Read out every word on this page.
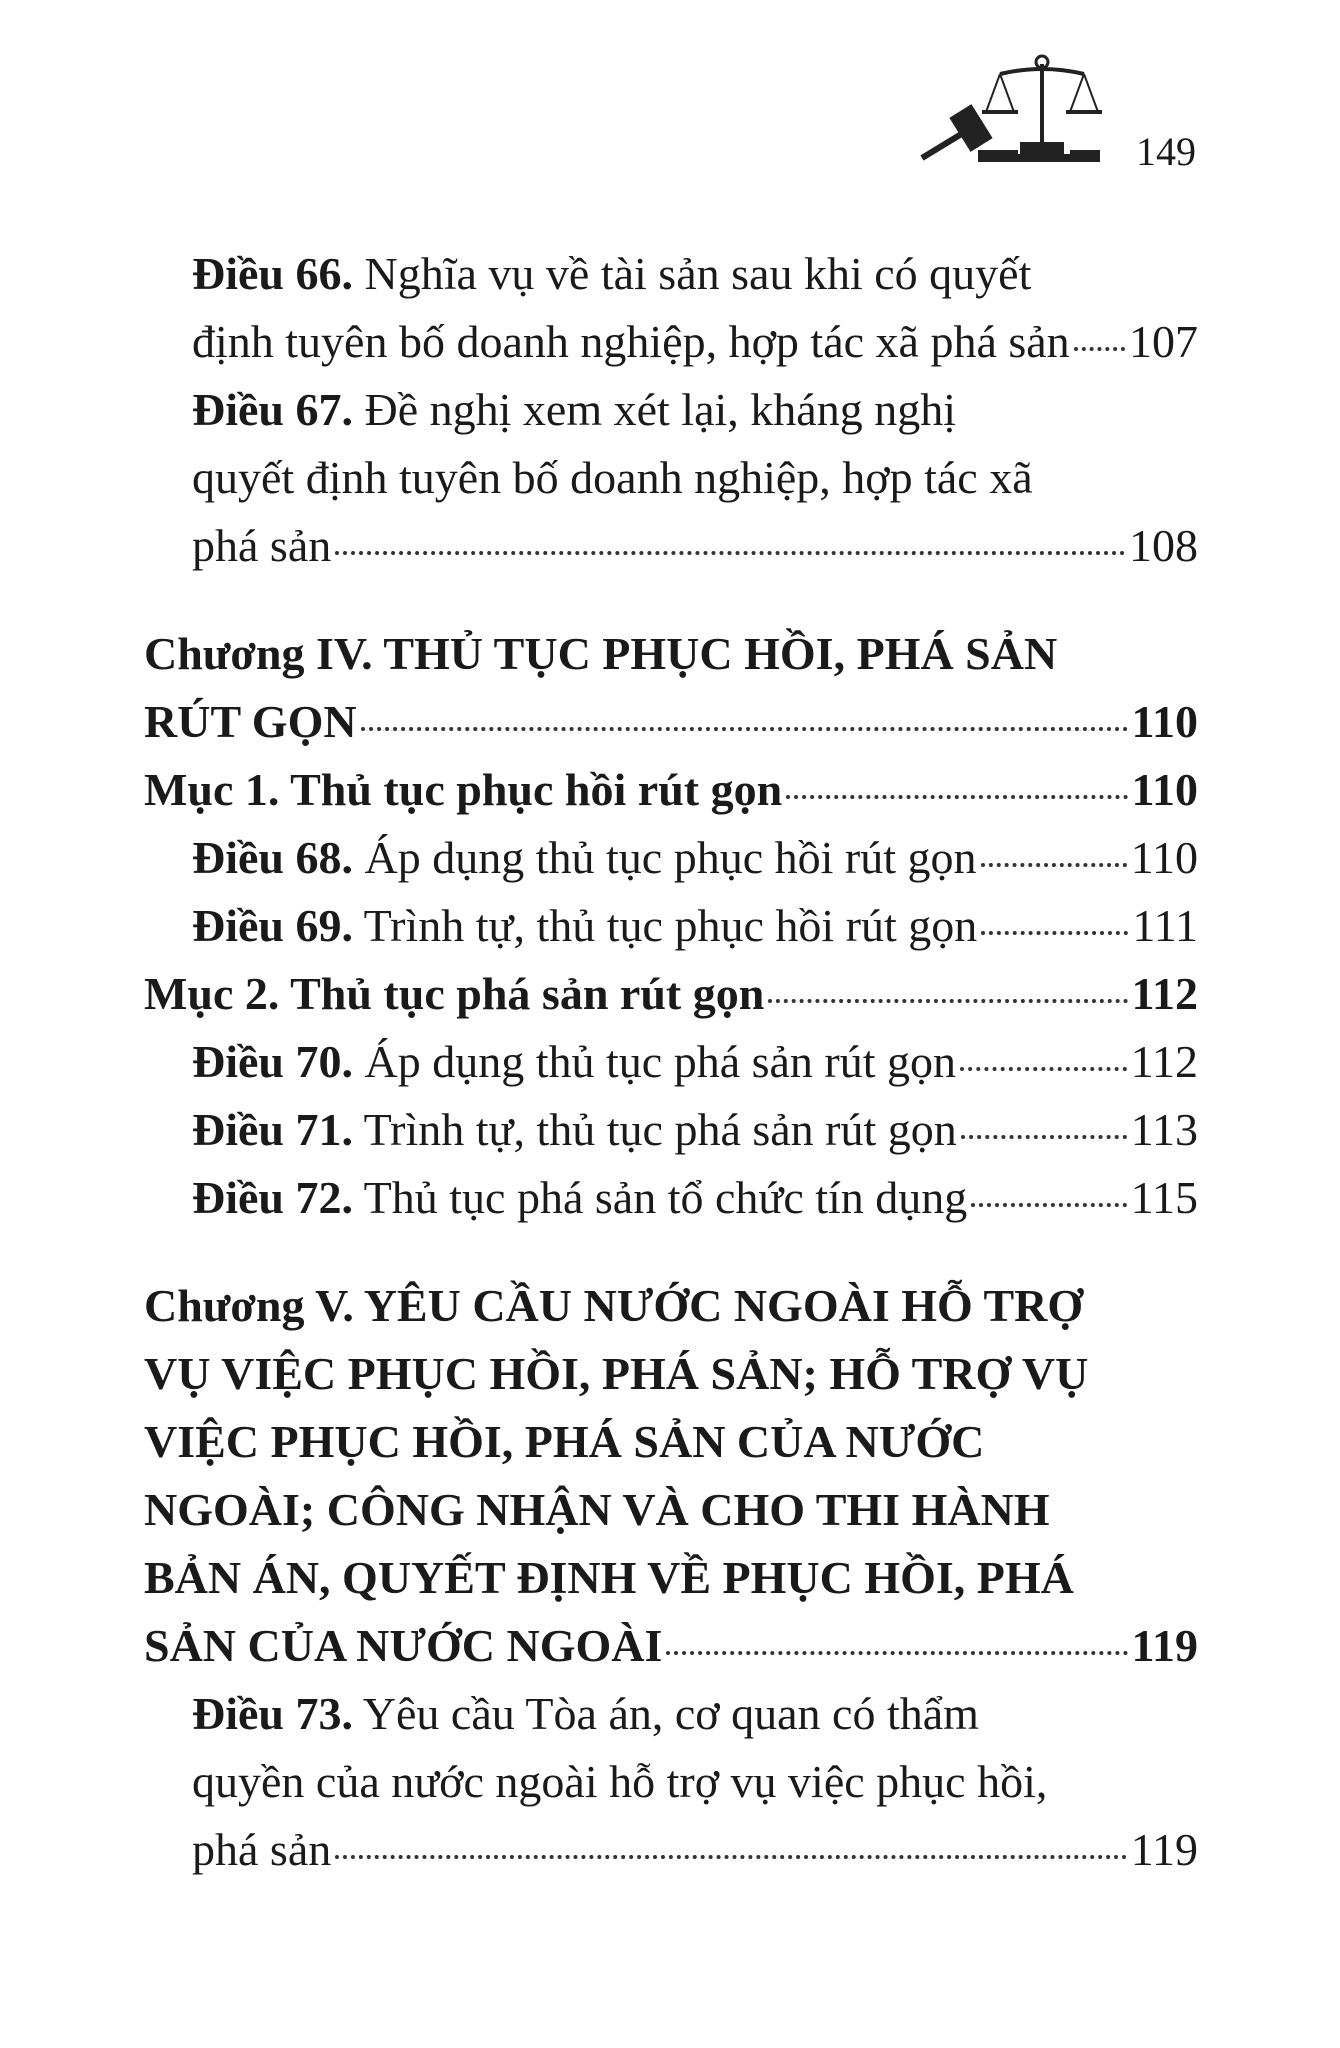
149
Điều 66. Nghĩa vụ về tài sản sau khi có quyết
định tuyên bố doanh nghiệp, hợp tác xã phá sản 107
Điều 67. Đề nghị xem xét lại, kháng nghị
quyết định tuyên bố doanh nghiệp, hợp tác xã
phá sản	108
Chương IV. THỦ TỤC PHỤC HỒI, PHÁ SẢN
RÚT GỌN	110
Mục 1. Thủ tục phục hồi rút gọn	110
Điều 68. Áp dụng thủ tục phục hồi rút gọn	110
Điều 69. Trình tự, thủ tục phục hồi rút gọn	111
Mục 2. Thủ tục phá sản rút gọn	112
Điều 70. Áp dụng thủ tục phá sản rút gọn	112
Điều 71. Trình tự, thủ tục phá sản rút gọn	113
Điều 72. Thủ tục phá sản tổ chức tín dụng	115
Chương V. YÊU CẦU NƯỚC NGOÀI HỖ TRỢ
VỤ VIỆC PHỤC HỒI, PHÁ SẢN; HỖ TRỢ VỤ
VIỆC PHỤC HỒI, PHÁ SẢN CỦA NƯỚC
NGOÀI; CÔNG NHẬN VÀ CHO THI HÀNH
BẢN ÁN, QUYẾT ĐỊNH VỀ PHỤC HỒI, PHÁ
SẢN CỦA NƯỚC NGOÀI	119
Điều 73. Yêu cầu Tòa án, cơ quan có thẩm
quyền của nước ngoài hỗ trợ vụ việc phục hồi,
phá sản	119
